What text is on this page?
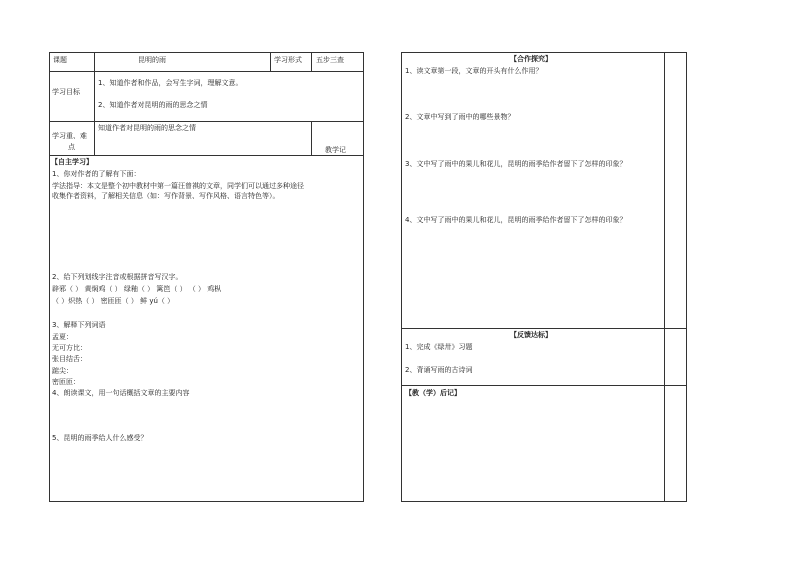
课题	昆明的雨	学习形式 五步三查
学习目标
1、知道作者和作品，会写生字词，理解文意。
2、知道作者对昆明的雨的思念之情
学习重、难
点
知道作者对昆明的雨的思念之情
教学记
【自主学习】
1、你对作者的了解有下面：
学法指导：本文是整个初中教材中第一篇汪曾祺的文章，同学们可以通过多种途径收集作者资料，了解相关信息（如：写作背景、写作风格、语言特色等）。
2、给下列划线字注音或根据拼音写汉字。
辟邪（ ） 黄焖鸡（ ） 绿釉（ ） 篱笆（ ） （ ） 鸡枞
（ ）炽热（ ） 密匝匝（ ） 鲜 yú（ ）
3、解释下列词语
孟夏：
无可方比：
张目结舌：
踮尖：
密匝匝：
4、朗读课文，用一句话概括文章的主要内容
5、昆明的雨季给人什么感受？
【合作探究】
1、读文章第一段，文章的开头有什么作用？
2、文章中写到了雨中的哪些景物？
3、文中写了雨中的果儿和花儿，昆明的雨季给作者留下了怎样的印象？
4、文中写了雨中的果儿和花儿，昆明的雨季给作者留下了怎样的印象？
【反馈达标】
1、完成《绿卅》习题
2、背诵写雨的古诗词
【教（学）后记】
